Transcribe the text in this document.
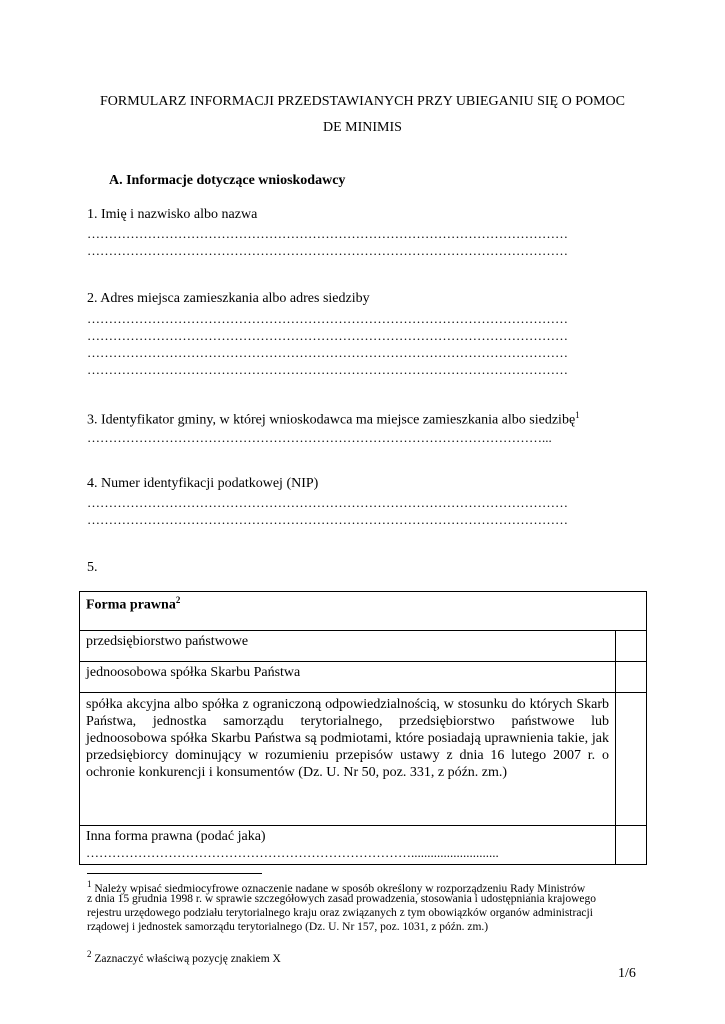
FORMULARZ INFORMACJI PRZEDSTAWIANYCH PRZY UBIEGANIU SIĘ O POMOC
DE MINIMIS
A. Informacje dotyczące wnioskodawcy
1. Imię i nazwisko albo nazwa
…………………………………………………………………………………………………
…………………………………………………………………………………………………
2. Adres miejsca zamieszkania albo adres siedziby
…………………………………………………………………………………………………
…………………………………………………………………………………………………
…………………………………………………………………………………………………
…………………………………………………………………………………………………
3. Identyfikator gminy, w której wnioskodawca ma miejsce zamieszkania albo siedzibę$^1$
……………………………………………………………………………………………...
4. Numer identyfikacji podatkowej (NIP)
…………………………………………………………………………………………………
…………………………………………………………………………………………………
5.
Forma prawna$^2$
przedsiębiorstwo państwowe	
jednoosobowa spółka Skarbu Państwa	
spółka akcyjna albo spółka z ograniczoną odpowiedzialnością, w stosunku do których Skarb Państwa, jednostka samorządu terytorialnego, przedsiębiorstwo państwowe lub jednoosobowa spółka Skarbu Państwa są podmiotami, które posiadają uprawnienia takie, jak przedsiębiorcy dominujący w rozumieniu przepisów ustawy z dnia 16 lutego 2007 r. o ochronie konkurencji i konsumentów (Dz. U. Nr 50, poz. 331, z późn. zm.)	

Inna forma prawna (podać jaka)
…………………………………………………………………...........................	

$^1$ Należy wpisać siedmiocyfrowe oznaczenie nadane w sposób określony w rozporządzeniu Rady Ministrów
z dnia 15 grudnia 1998 r. w sprawie szczegółowych zasad prowadzenia, stosowania i udostępniania krajowego
rejestru urzędowego podziału terytorialnego kraju oraz związanych z tym obowiązków organów administracji
rządowej i jednostek samorządu terytorialnego (Dz. U. Nr 157, poz. 1031, z późn. zm.)
$^2$ Zaznaczyć właściwą pozycję znakiem X
1/6
